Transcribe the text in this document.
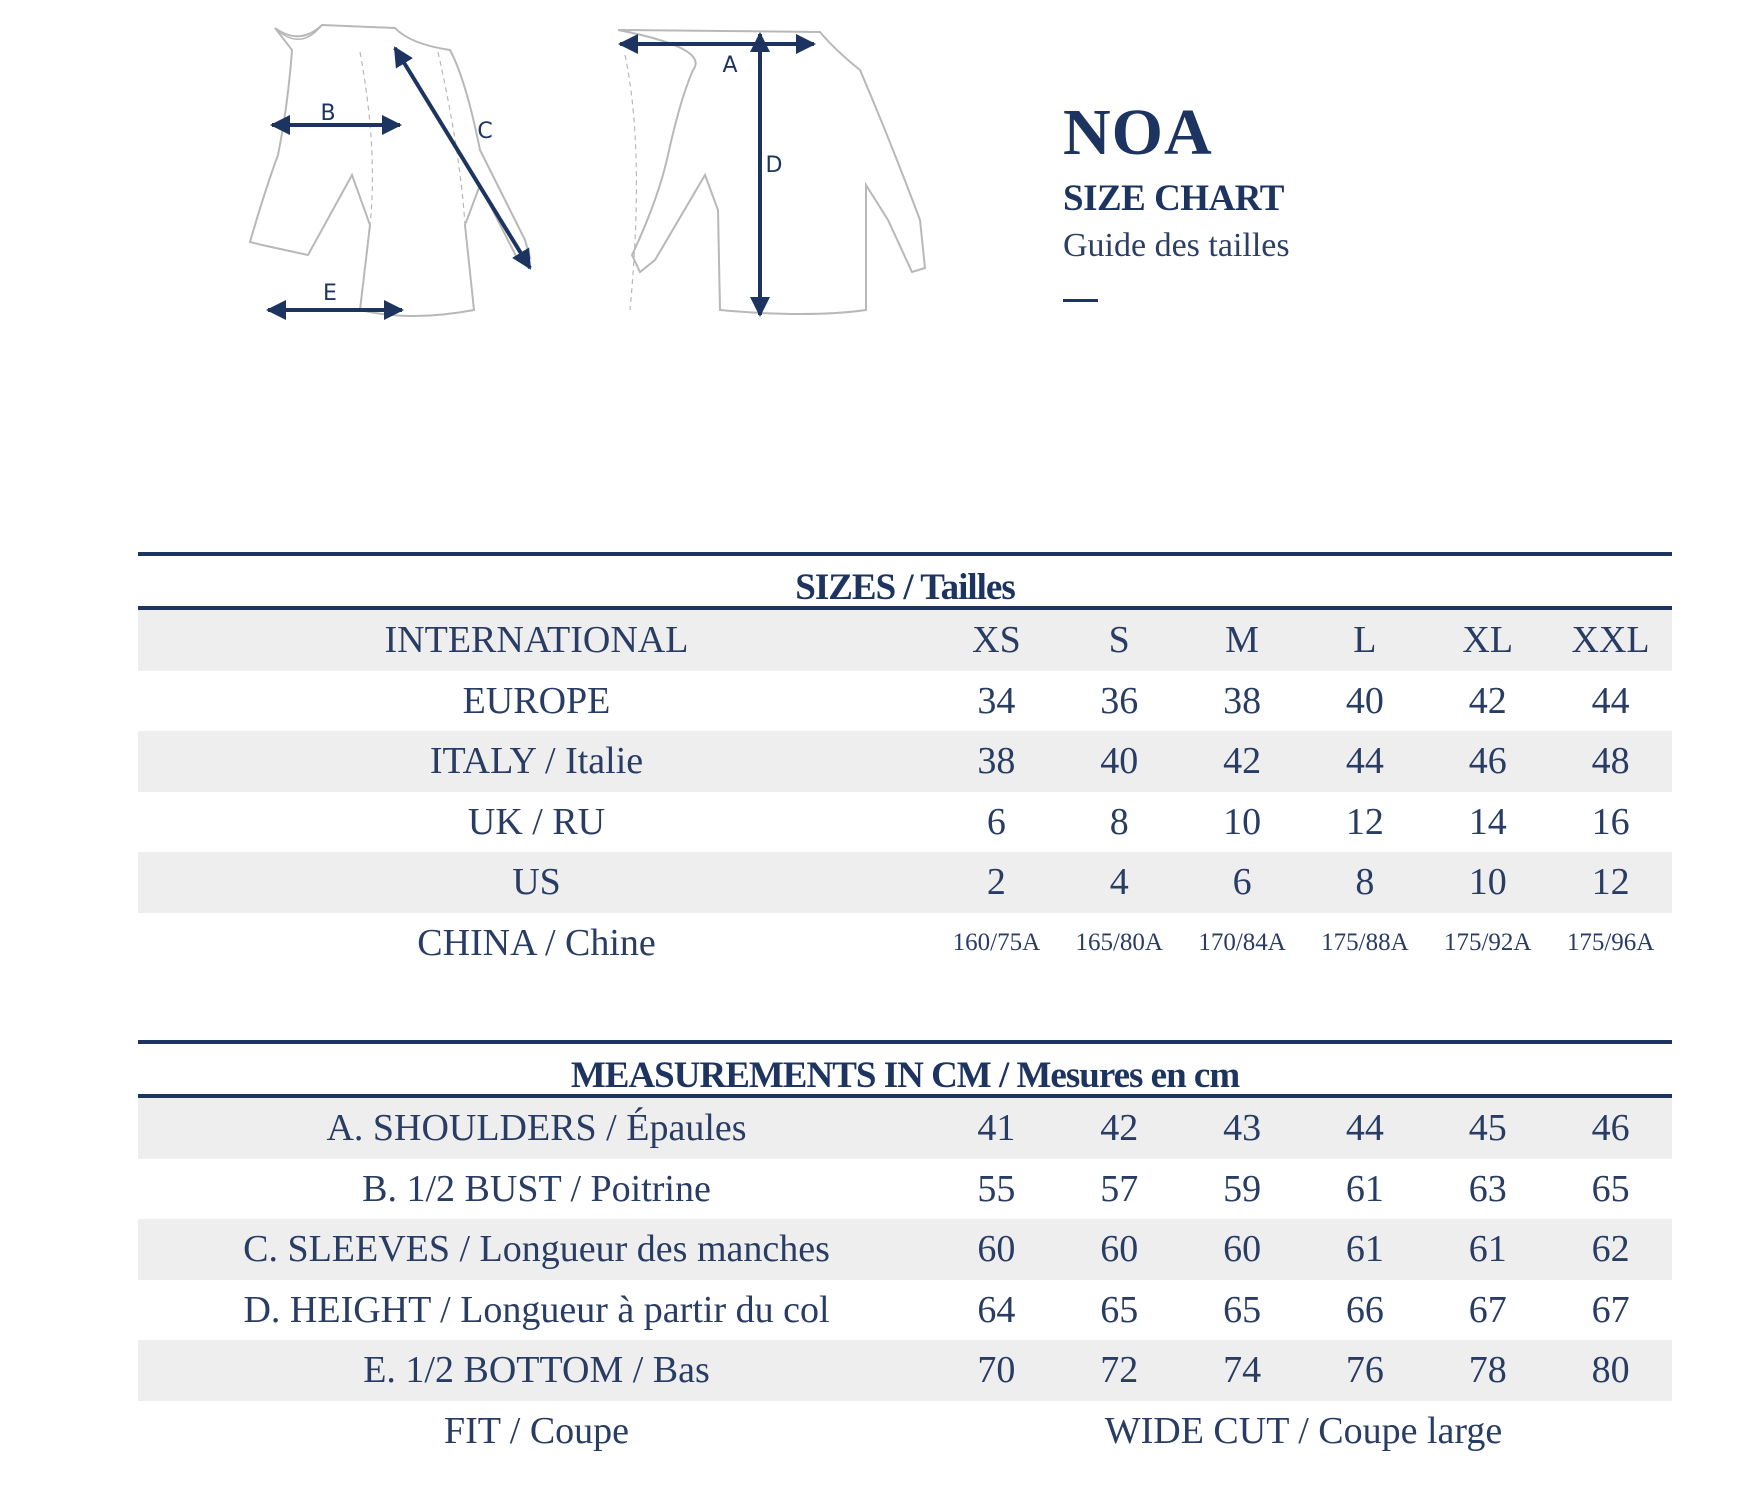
B
C
E
A
D	NOA
SIZE CHART
Guide des tailles
SIZES / Tailles
INTERNATIONAL	XS	S	M	L	XL	XXL
EUROPE	34	36	38	40	42	44
ITALY / Italie	38	40	42	44	46	48
UK / RU	6	8	10	12	14	16
US	2	4	6	8	10	12
CHINA / Chine	160/75A	165/80A	170/84A	175/88A	175/92A	175/96A
MEASUREMENTS IN CM / Mesures en cm
A. SHOULDERS / Épaules	41	42	43	44	45	46
B. 1/2 BUST / Poitrine	55	57	59	61	63	65
C. SLEEVES / Longueur des manches	60	60	60	61	61	62
D. HEIGHT / Longueur à partir du col	64	65	65	66	67	67
E. 1/2 BOTTOM / Bas	70	72	74	76	78	80
FIT / Coupe	WIDE CUT / Coupe large					
